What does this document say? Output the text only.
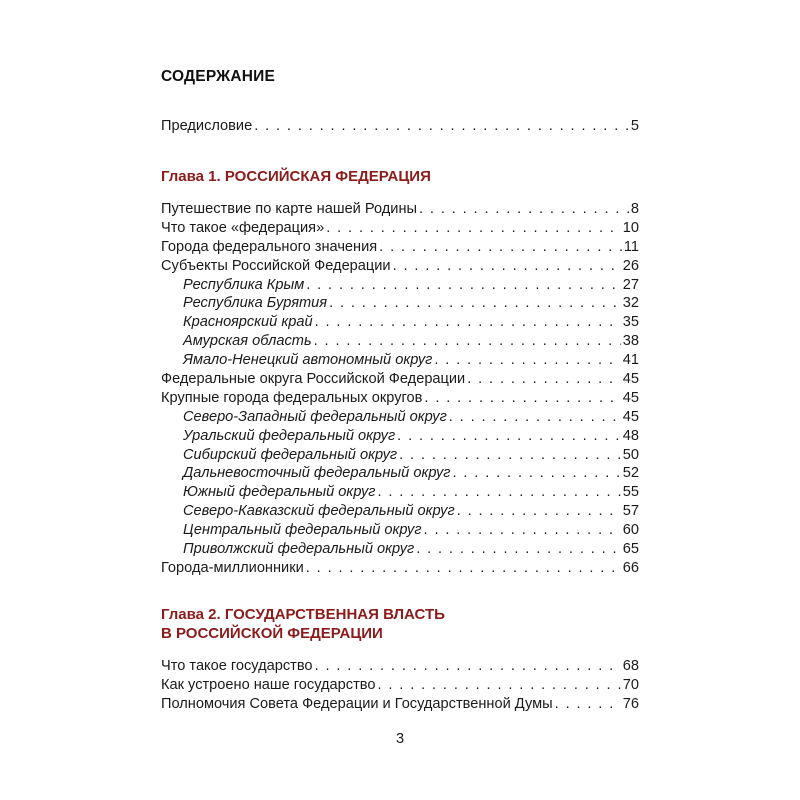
СОДЕРЖАНИЕ
Предисловие . . .	5
Глава 1. РОССИЙСКАЯ ФЕДЕРАЦИЯ
Путешествие по карте нашей Родины . . .	8
Что такое «федерация» . . .	10
Города федерального значения . . .	11
Субъекты Российской Федерации . . .	26
Республика Крым . . .	27
Республика Бурятия . . .	32
Красноярский край . . .	35
Амурская область . . .	38
Ямало-Ненецкий автономный округ . . .	41
Федеральные округа Российской Федерации . . .	45
Крупные города федеральных округов . . .	45
Северо-Западный федеральный округ . . .	45
Уральский федеральный округ . . .	48
Сибирский федеральный округ . . .	50
Дальневосточный федеральный округ . . .	52
Южный федеральный округ . . .	55
Северо-Кавказский федеральный округ . . .	57
Центральный федеральный округ . . .	60
Приволжский федеральный округ . . .	65
Города-миллионники . . .	66
Глава 2. ГОСУДАРСТВЕННАЯ ВЛАСТЬ
В РОССИЙСКОЙ ФЕДЕРАЦИИ
Что такое государство . . .	68
Как устроено наше государство . . .	70
Полномочия Совета Федерации и Государственной Думы . . .	76
3
